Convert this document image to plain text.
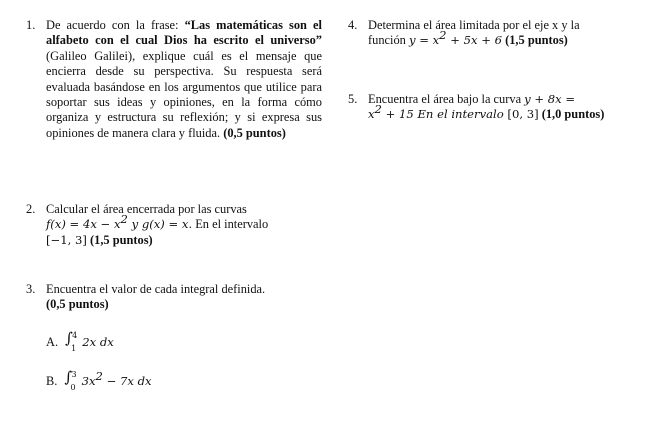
1. De acuerdo con la frase: “Las matemáticas son el alfabeto con el cual Dios ha escrito el universo” (Galileo Galilei), explique cuál es el mensaje que encierra desde su perspectiva. Su respuesta será evaluada basándose en los argumentos que utilice para soportar sus ideas y opiniones, en la forma cómo organiza y estructura su reflexión; y si expresa sus opiniones de manera clara y fluida. (0,5 puntos)
2. Calcular el área encerrada por las curvas
$f(x) = 4x - x^2$ y g(x) = x. En el intervalo
[−1, 3] (1,5 puntos)
3. Encuentra el valor de cada integral definida.
(0,5 puntos)
A. ∫ 4
1 2x dx
B. ∫ 3
0 $3x^2 - 7x$ dx
4. Determina el área limitada por el eje x y la
función $y = x^2 + 5x + 6$ (1,5 puntos)
5. Encuentra el área bajo la curva y + 8x =
$x^2 + 15$ En el intervalo [0, 3] (1,0 puntos)
